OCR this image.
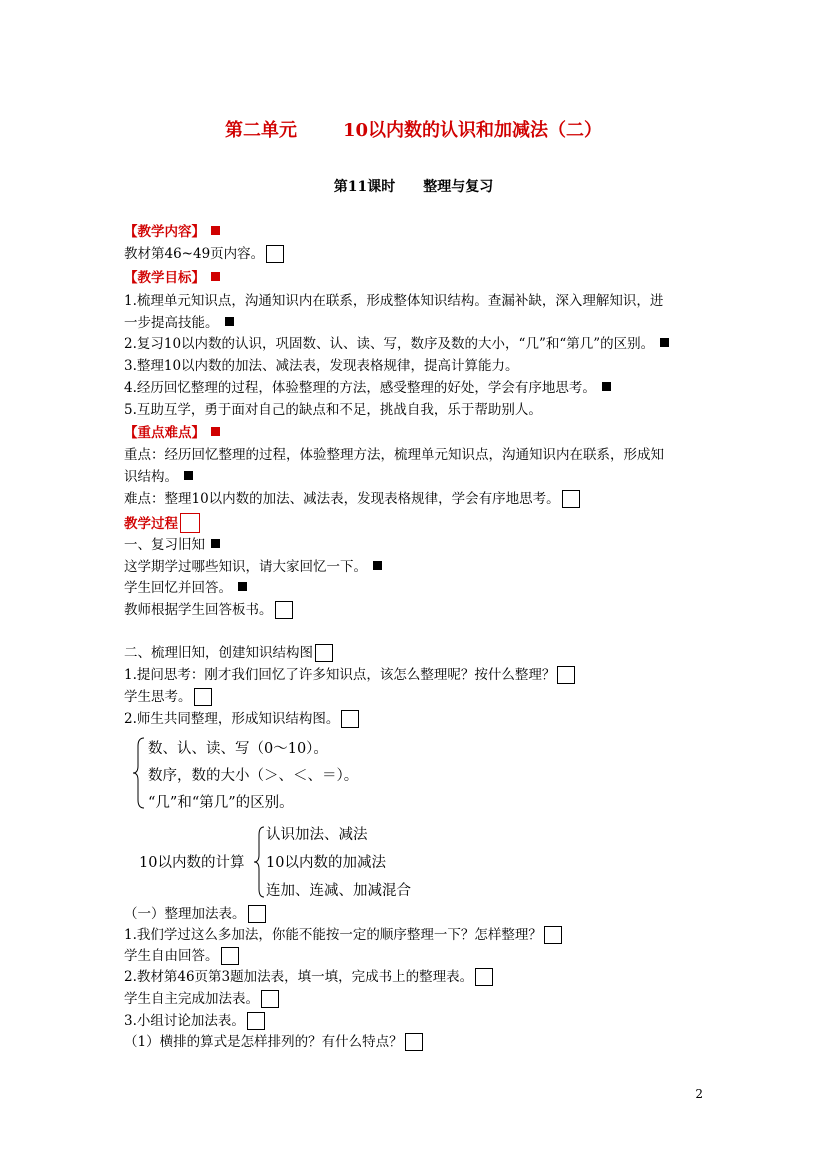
第二单元	10以内数的认识和加减法（二）
第11课时 整理与复习
【教学内容】
教材第46~49页内容。
【教学目标】
1.梳理单元知识点，沟通知识内在联系，形成整体知识结构。查漏补缺，深入理解知识，进
一步提高技能。
2.复习10以内数的认识，巩固数、认、读、写，数序及数的大小，“几”和“第几”的区别。
3.整理10以内数的加法、减法表，发现表格规律，提高计算能力。
4.经历回忆整理的过程，体验整理的方法，感受整理的好处，学会有序地思考。
5.互助互学，勇于面对自己的缺点和不足，挑战自我，乐于帮助别人。
【重点难点】
重点：经历回忆整理的过程，体验整理方法，梳理单元知识点，沟通知识内在联系，形成知
识结构。
难点：整理10以内数的加法、减法表，发现表格规律，学会有序地思考。
教学过程
一、复习旧知
这学期学过哪些知识，请大家回忆一下。
学生回忆并回答。
教师根据学生回答板书。
二、梳理旧知，创建知识结构图
1.提问思考：刚才我们回忆了许多知识点，该怎么整理呢？按什么整理？
学生思考。
2.师生共同整理，形成知识结构图。
数、认、读、写（0～10）。
数序，数的大小（＞、＜、＝）。
“几”和“第几”的区别。
10以内数的计算
认识加法、减法
10以内数的加减法
连加、连减、加减混合
（一）整理加法表。
1.我们学过这么多加法，你能不能按一定的顺序整理一下？怎样整理？
学生自由回答。
2.教材第46页第3题加法表，填一填，完成书上的整理表。
学生自主完成加法表。
3.小组讨论加法表。
（1）横排的算式是怎样排列的？有什么特点？
2
